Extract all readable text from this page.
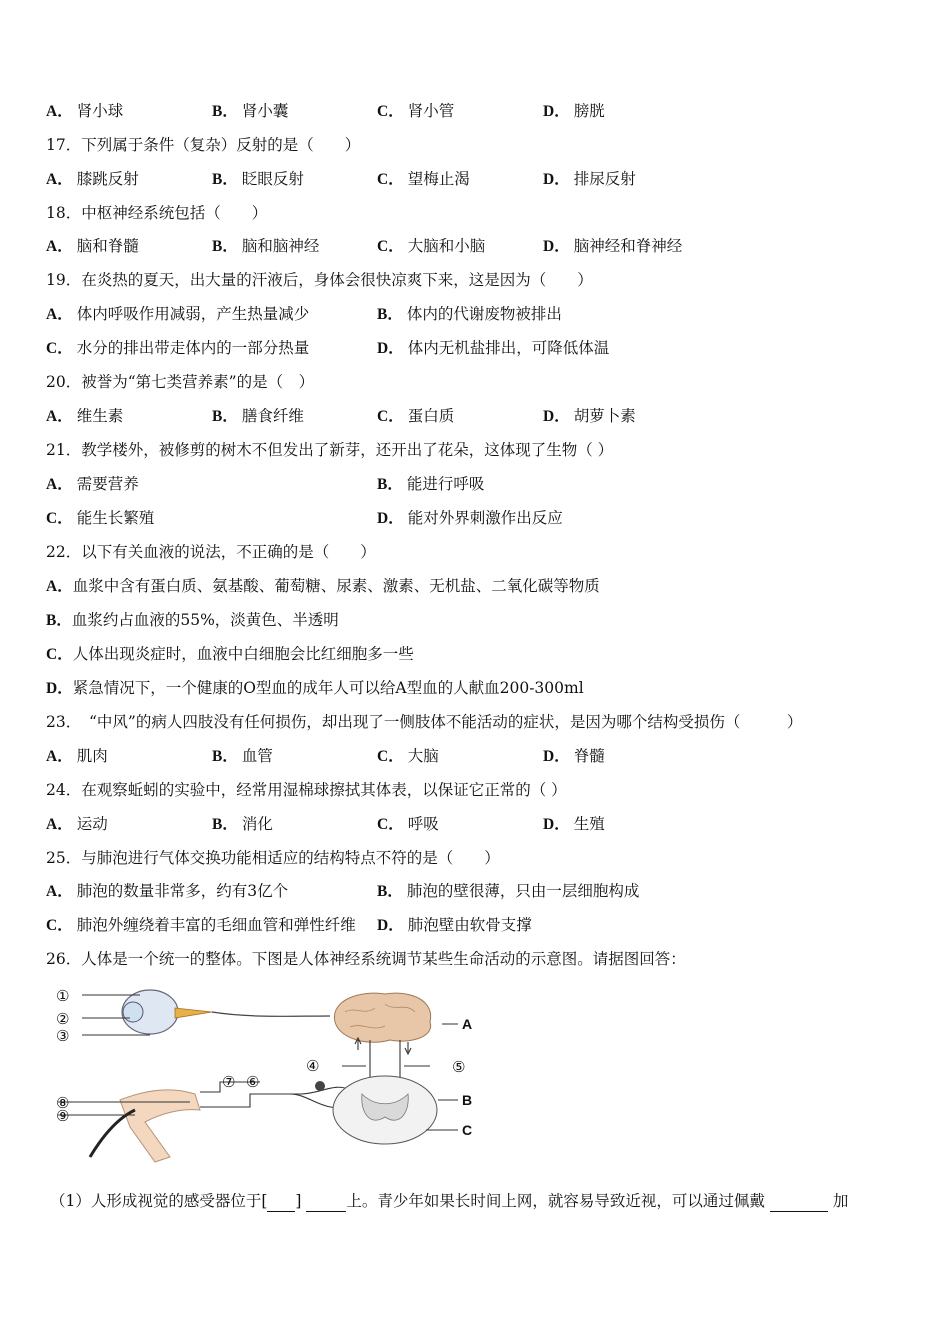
A． 肾小球	B． 肾小囊	C． 肾小管	D． 膀胱
17．下列属于条件（复杂）反射的是（　　）
A． 膝跳反射	B． 眨眼反射	C． 望梅止渴	D． 排尿反射
18．中枢神经系统包括（　　）
A． 脑和脊髓	B． 脑和脑神经	C． 大脑和小脑	D． 脑神经和脊神经
19．在炎热的夏天，出大量的汗液后，身体会很快凉爽下来，这是因为（　　）
A． 体内呼吸作用减弱，产生热量减少	B． 体内的代谢废物被排出
C． 水分的排出带走体内的一部分热量	D． 体内无机盐排出，可降低体温
20．被誉为“第七类营养素”的是（　）
A． 维生素	B． 膳食纤维	C． 蛋白质	D． 胡萝卜素
21．教学楼外，被修剪的树木不但发出了新芽，还开出了花朵，这体现了生物（ ）
A． 需要营养	B． 能进行呼吸
C． 能生长繁殖	D． 能对外界刺激作出反应
22．以下有关血液的说法，不正确的是（　　）
A．血浆中含有蛋白质、氨基酸、葡萄糖、尿素、激素、无机盐、二氧化碳等物质
B．血浆约占血液的55%，淡黄色、半透明
C．人体出现炎症时，血液中白细胞会比红细胞多一些
D．紧急情况下，一个健康的O型血的成年人可以给A型血的人献血200-300ml
23．　“中风”的病人四肢没有任何损伤，却出现了一侧肢体不能活动的症状，是因为哪个结构受损伤（　　　）
A． 肌肉	B． 血管	C． 大脑	D． 脊髓
24．在观察蚯蚓的实验中，经常用湿棉球擦拭其体表，以保证它正常的（ ）
A． 运动	B． 消化	C． 呼吸	D． 生殖
25．与肺泡进行气体交换功能相适应的结构特点不符的是（　　）
A． 肺泡的数量非常多，约有3亿个	B． 肺泡的壁很薄，只由一层细胞构成
C． 肺泡外缠绕着丰富的毛细血管和弹性纤维 D． 肺泡壁由软骨支撑
26．人体是一个统一的整体。下图是人体神经系统调节某些生命活动的示意图。请据图回答：
①
②
③
④	⑤
⑥
⑦
⑧
⑨
A
B
C
（1）人形成视觉的感受器位于[ ]	上。青少年如果长时间上网，就容易导致近视，可以通过佩戴	加
